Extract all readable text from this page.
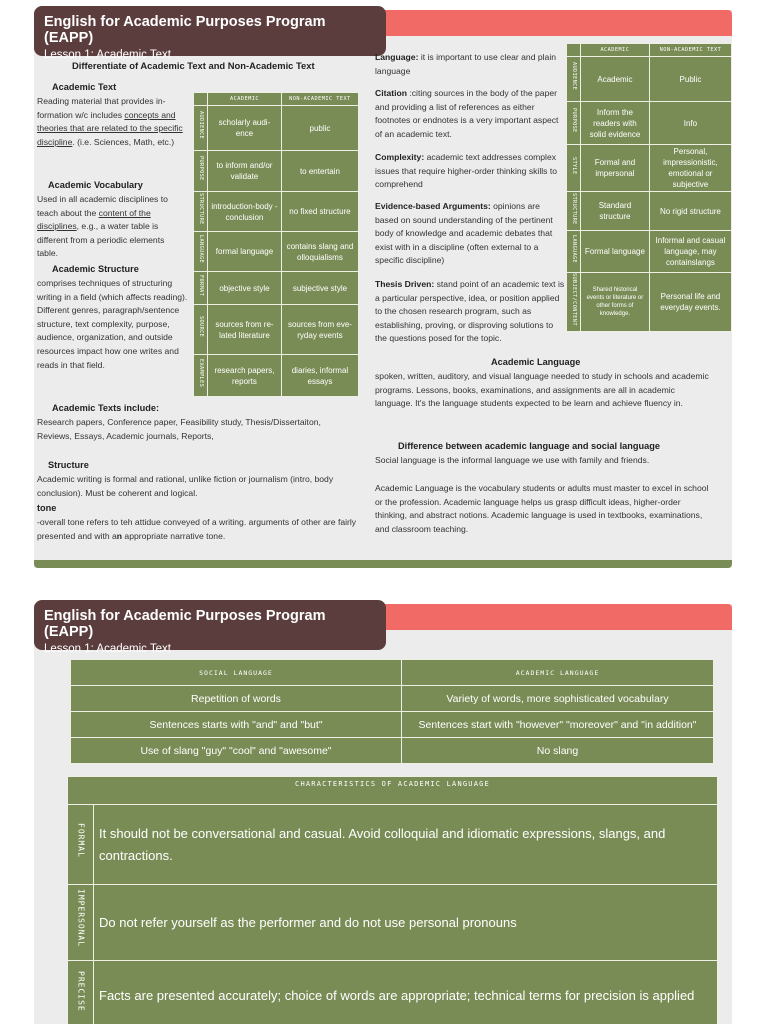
English for Academic Purposes Program (EAPP)
Lesson 1: Academic Text
Differentiate of Academic Text and Non-Academic Text
Academic Text
Reading material that provides in-formation w/c includes concepts and theories that are related to the specific discipline. (i.e. Sciences, Math, etc.)
Academic Vocabulary
Used in all academic disciplines to teach about the content of the disciplines, e.g., a water table is different from a periodic elements table.
Academic Structure
comprises techniques of structuring writing in a field (which affects reading). Different genres, paragraph/sentence structure, text complexity, purpose, audience, organization, and outside resources impact how one writes and reads in that field.
Academic Texts include:
Research papers, Conference paper, Feasibility study, Thesis/Dissertaiton, Reviews, Essays, Academic journals, Reports,
Structure
Academic writing is formal and rational, unlike fiction or journalism (intro, body conclusion). Must be coherent and logical.
tone
-overall tone refers to teh attidue conveyed of a writing. arguments of other are fairly presented and with an appropriate narrative tone.
	ACADEMIC	NON-ACADEMIC TEXT
AUDIENCE	scholarly audi-ence	public
PURPOSE	to inform and/or validate	to entertain
STRUCTURE	introduction-body -conclusion	no fixed structure
LANGUAGE	formal language	contains slang and olloquialisms
FORMAT	objective style	subjective style
SOURCE	sources from re-lated literature	sources from eve-ryday events
EXAMPLES	research papers, reports	diaries, informal essays
Language: it is important to use clear and plain language
Citation :citing sources in the body of the paper and providing a list of references as either footnotes or endnotes is a very important aspect of an academic text.
Complexity: academic text addresses complex issues that require higher-order thinking skills to comprehend
Evidence-based Arguments: opinions are based on sound understanding of the pertinent body of knowledge and academic debates that exist with in a discipline (often external to a specific discipline)
Thesis Driven: stand point of an academic text is a particular perspective, idea, or position applied to the chosen research program, such as establishing, proving, or disproving solutions to the questions posed for the topic.
Academic Language
spoken, written, auditory, and visual language needed to study in schools and academic programs. Lessons, books, examinations, and assignments are all in academic language. It's the language students expected to be learn and achieve fluency in.
Difference between academic language and social language
Social language is the informal language we use with family and friends.
Academic Language is the vocabulary students or adults must master to excel in school or the profession. Academic language helps us grasp difficult ideas, higher-order thinking, and abstract notions. Academic language is used in textbooks, examinations, and classroom teaching.
	ACADEMIC	NON-ACADEMIC TEXT
AUDIENCE	Academic	Public
PURPOSE	Inform the readers with solid evidence	Info
STYLE	Formal and impersonal	Personal, impressionistic, emotional or subjective
STRUCTURE	Standard structure	No rigid structure
LANGUAGE	Formal language	Informal and casual language, may containslangs
SUBJECT/CONTENT	Shared historical events or literature or other forms of knowledge.	Personal life and everyday events.
English for Academic Purposes Program (EAPP)
Lesson 1: Academic Text
SOCIAL LANGUAGE	ACADEMIC LANGUAGE
Repetition of words	Variety of words, more sophisticated vocabulary
Sentences starts with "and" and "but"	Sentences start with "however" "moreover" and "in addition"
Use of slang "guy" "cool" and "awesome"	No slang
CHARACTERISTICS OF ACADEMIC LANGUAGE	
FORMAL	It should not be conversational and casual. Avoid colloquial and idiomatic expressions, slangs, and contractions.
IMPERSONAL	Do not refer yourself as the performer and do not use personal pronouns
PRECISE	Facts are presented accurately; choice of words are appropriate; technical terms for precision is applied
